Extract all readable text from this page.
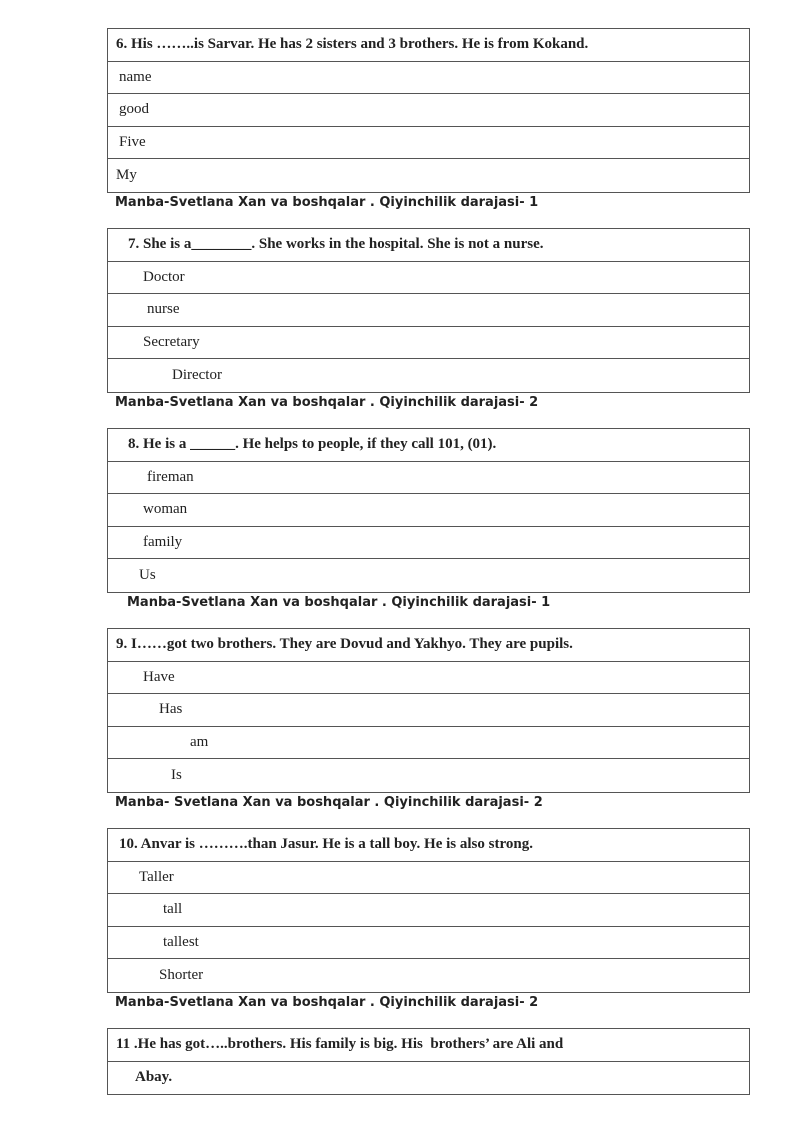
6. His ……..is Sarvar. He has 2 sisters and 3 brothers. He is from Kokand.
name
good
Five
My
Manba-Svetlana Xan va boshqalar . Qiyinchilik darajasi- 1
7. She is a________. She works in the hospital. She is not a nurse.
Doctor
nurse
Secretary
Director
Manba-Svetlana Xan va boshqalar . Qiyinchilik darajasi- 2
8. He is a ______. He helps to people, if they call 101, (01).
fireman
woman
family
Us
Manba-Svetlana Xan va boshqalar . Qiyinchilik darajasi- 1
9. I……got two brothers. They are Dovud and Yakhyo. They are pupils.
Have
Has
am
Is
Manba- Svetlana Xan va boshqalar . Qiyinchilik darajasi- 2
10. Anvar is ……….than Jasur. He is a tall boy. He is also strong.
Taller
tall
tallest
Shorter
Manba-Svetlana Xan va boshqalar . Qiyinchilik darajasi- 2
11 .He has got…..brothers. His family is big. His  brothers’ are Ali and
Abay.
